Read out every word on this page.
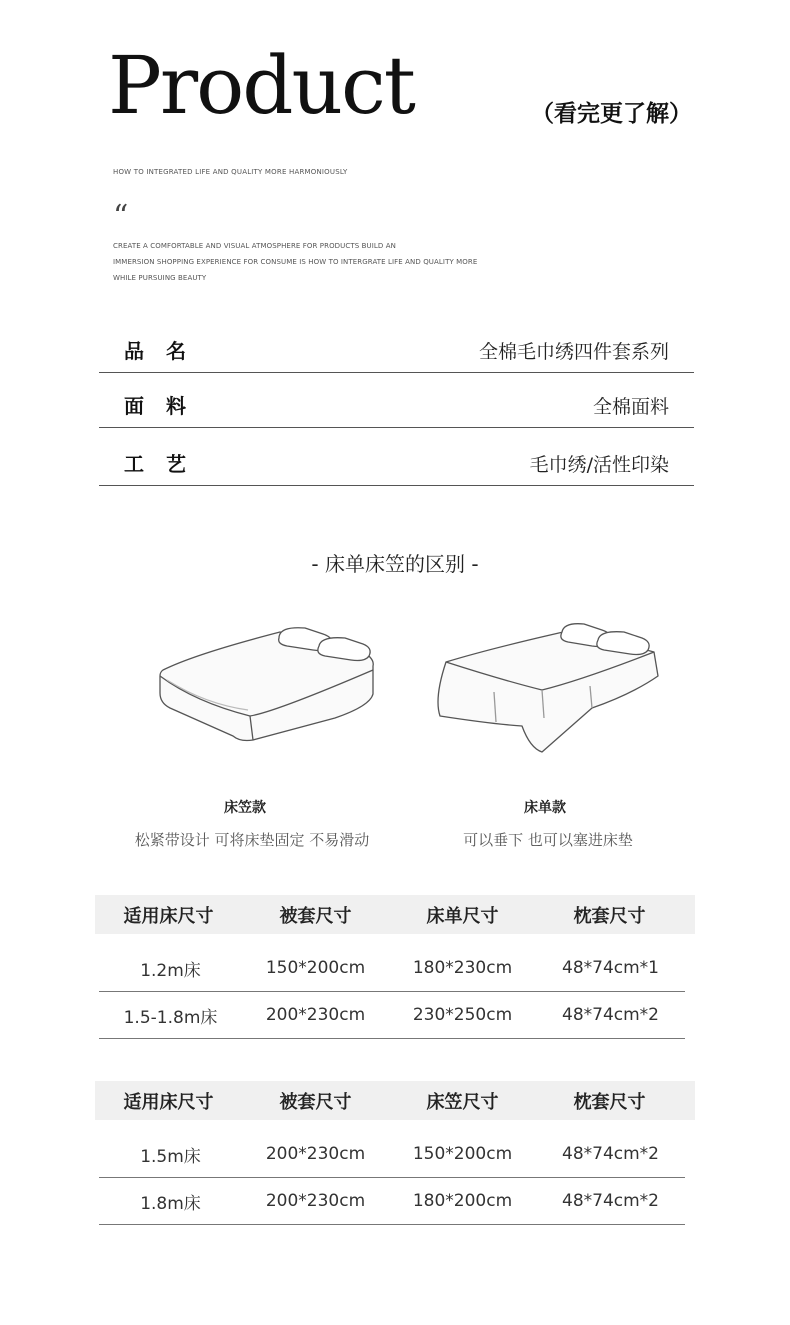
Product	（看完更了解）
HOW TO INTEGRATED LIFE AND QUALITY MORE HARMONIOUSLY
“
CREATE A COMFORTABLE AND VISUAL ATMOSPHERE FOR PRODUCTS BUILD AN
IMMERSION SHOPPING EXPERIENCE FOR CONSUME IS HOW TO INTERGRATE LIFE AND QUALITY MORE
WHILE PURSUING BEAUTY
品名	全棉毛巾绣四件套系列
面料	全棉面料
工艺	毛巾绣/活性印染
- 床单床笠的区别 -
床笠款
松紧带设计 可将床垫固定 不易滑动
床单款
可以垂下 也可以塞进床垫
适用床尺寸	被套尺寸	床单尺寸	枕套尺寸
1.2m床	150*200cm	180*230cm	48*74cm*1
1.5-1.8m床	200*230cm	230*250cm	48*74cm*2
适用床尺寸	被套尺寸	床笠尺寸	枕套尺寸
1.5m床	200*230cm	150*200cm	48*74cm*2
1.8m床	200*230cm	180*200cm	48*74cm*2
